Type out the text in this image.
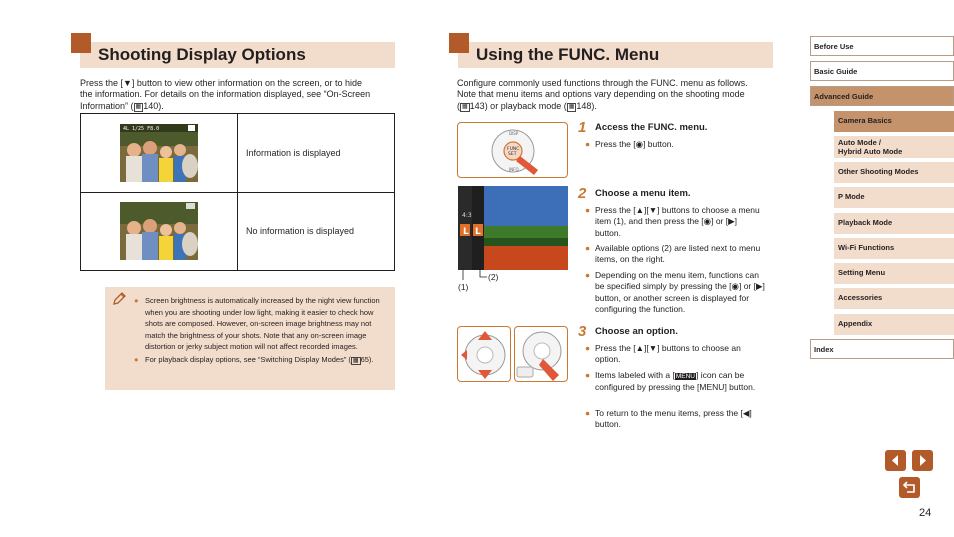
Shooting Display Options
Press the [▼] button to view other information on the screen, or to hide
the information. For details on the information displayed, see “On-Screen
Information” ( ▦ 140).
4L 1/25 F8.0	Information is displayed

	No information is displayed
● Screen brightness is automatically increased by the night view function when you are shooting under low light, making it easier to check how shots are composed. However, on-screen image brightness may not match the brightness of your shots. Note that any on-screen image distortion or jerky subject motion will not affect recorded images.
● For playback display options, see “Switching Display Modes” ( ▦ 65).
Using the FUNC. Menu
Configure commonly used functions through the FUNC. menu as follows.
Note that menu items and options vary depending on the shooting mode
( ▦ 143) or playback mode ( ▦ 148).
FUNC
SET
DISP
INFO
4:3
L L
(1)
(2)
1 Access the FUNC. menu.
● Press the [◉] button.
2 Choose a menu item.
● Press the [▲][▼] buttons to choose a menu item (1), and then press the [◉] or [▶] button.
● Available options (2) are listed next to menu items, on the right.
● Depending on the menu item, functions can be specified simply by pressing the [◉] or [▶] button, or another screen is displayed for configuring the function.
3 Choose an option.
● Press the [▲][▼] buttons to choose an option.
● Items labeled with a [MENU] icon can be configured by pressing the [MENU] button.
● To return to the menu items, press the [◀] button.
Before Use
Basic Guide
Advanced Guide
Camera Basics
Auto Mode /
Hybrid Auto Mode
Other Shooting Modes
P Mode
Playback Mode
Wi-Fi Functions
Setting Menu
Accessories
Appendix
Index
24
